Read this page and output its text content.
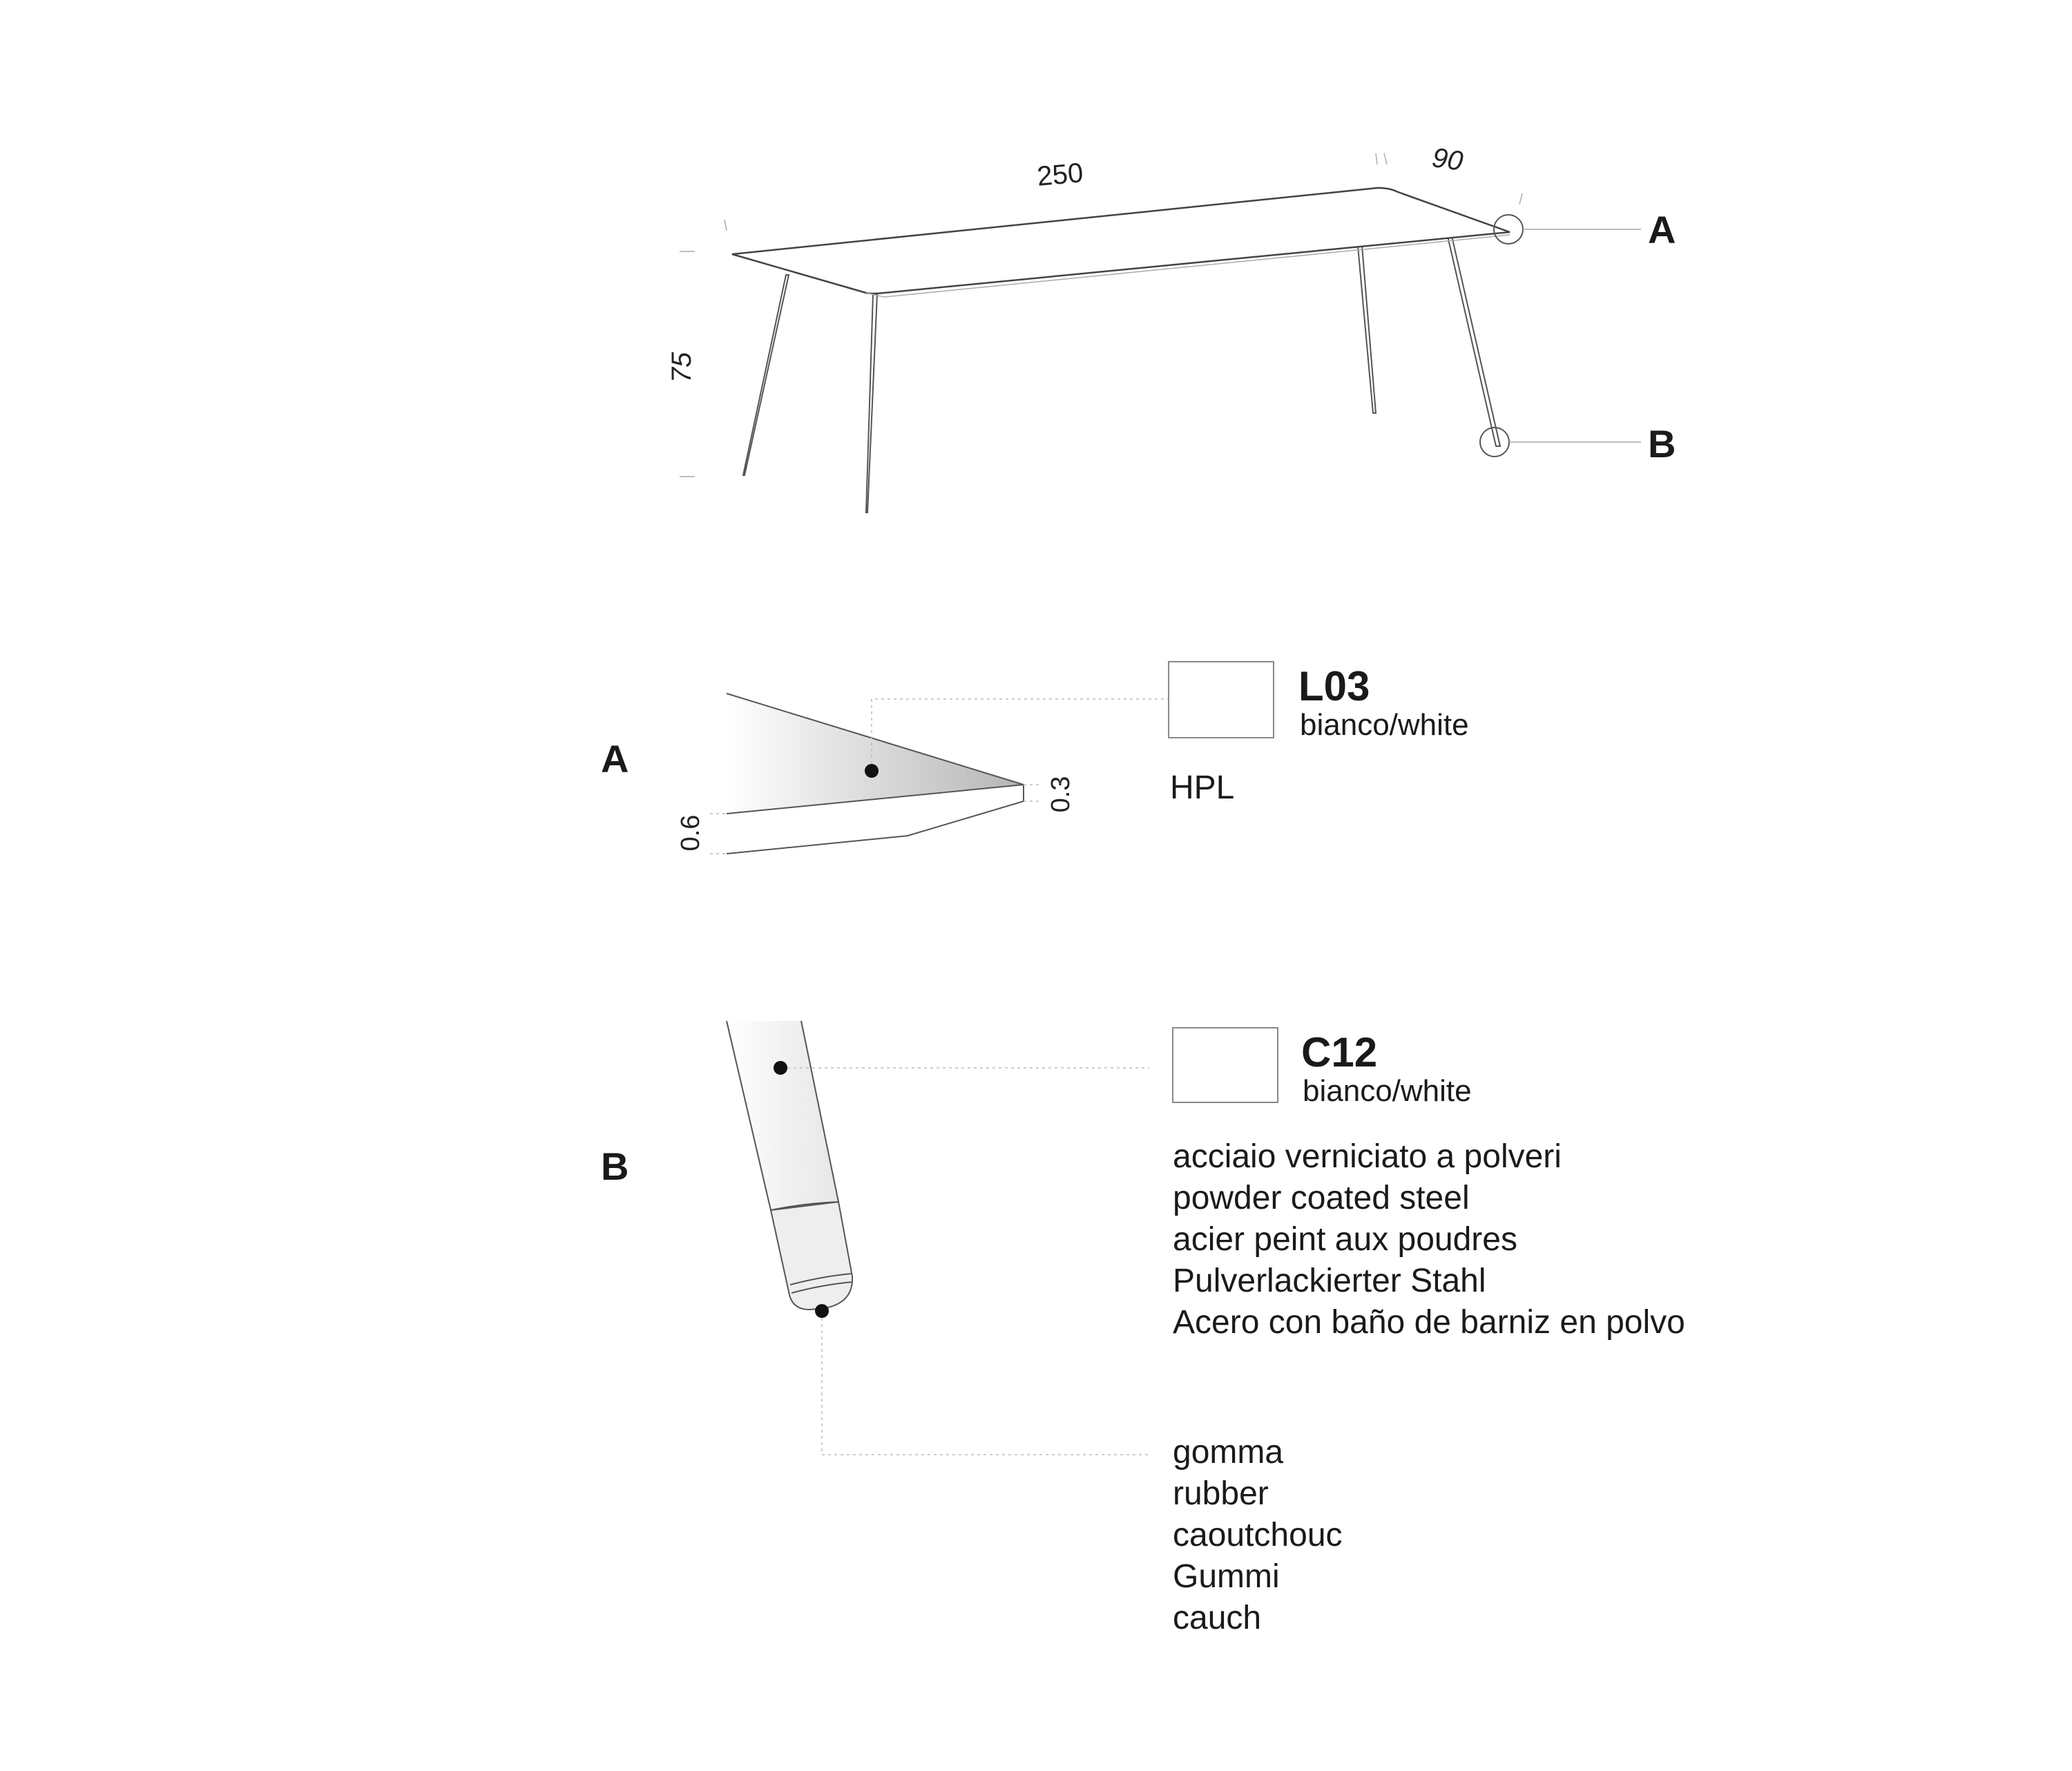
250	90
75
A
B
A
0.6
0.3
L03
bianco/white
HPL
B
C12
bianco/white
acciaio verniciato a polveri
powder coated steel
acier peint aux poudres
Pulverlackierter Stahl
Acero con baño de barniz en polvo
gomma
rubber
caoutchouc
Gummi
cauch
